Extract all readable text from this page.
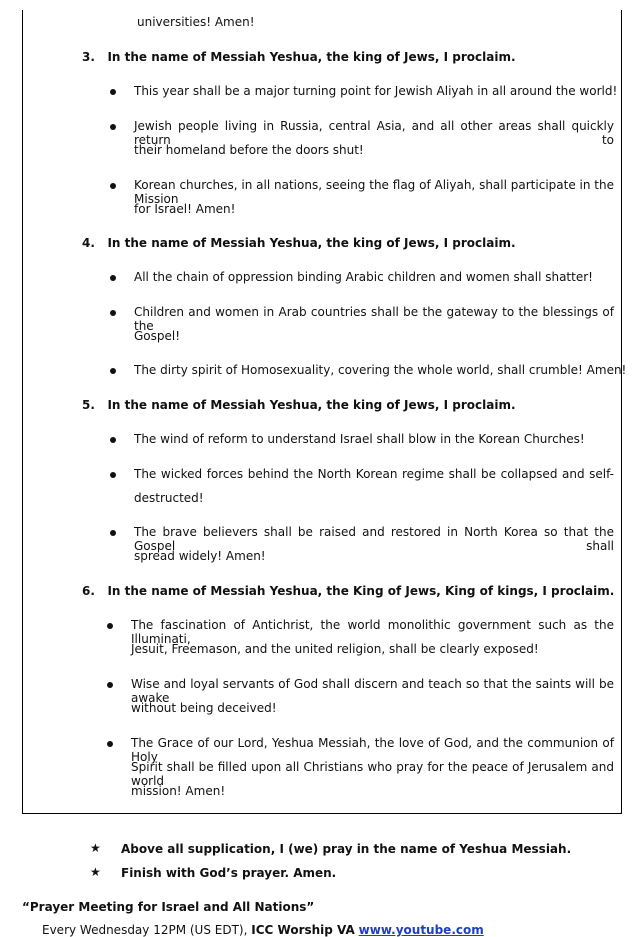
universities! Amen!
3.   In the name of Messiah Yeshua, the king of Jews, I proclaim.
This year shall be a major turning point for Jewish Aliyah in all around the world!
Jewish people living in Russia, central Asia, and all other areas shall quickly return to
their homeland before the doors shut!
Korean churches, in all nations, seeing the flag of Aliyah, shall participate in the Mission
for Israel! Amen!
4.   In the name of Messiah Yeshua, the king of Jews, I proclaim.
All the chain of oppression binding Arabic children and women shall shatter!
Children and women in Arab countries shall be the gateway to the blessings of the
Gospel!
The dirty spirit of Homosexuality, covering the whole world, shall crumble! Amen!
5.   In the name of Messiah Yeshua, the king of Jews, I proclaim.
The wind of reform to understand Israel shall blow in the Korean Churches!
The wicked forces behind the North Korean regime shall be collapsed and self-
destructed!
The brave believers shall be raised and restored in North Korea so that the Gospel shall
spread widely! Amen!
6.   In the name of Messiah Yeshua, the King of Jews, King of kings, I proclaim.
The fascination of Antichrist, the world monolithic government such as the Illuminati,
Jesuit, Freemason, and the united religion, shall be clearly exposed!
Wise and loyal servants of God shall discern and teach so that the saints will be awake
without being deceived!
The Grace of our Lord, Yeshua Messiah, the love of God, and the communion of Holy
Spirit shall be filled upon all Christians who pray for the peace of Jerusalem and world
mission! Amen!
★ Above all supplication, I (we) pray in the name of Yeshua Messiah.
★ Finish with God’s prayer. Amen.
“Prayer Meeting for Israel and All Nations”
Every Wednesday 12PM (US EDT), ICC Worship VA www.youtube.com
